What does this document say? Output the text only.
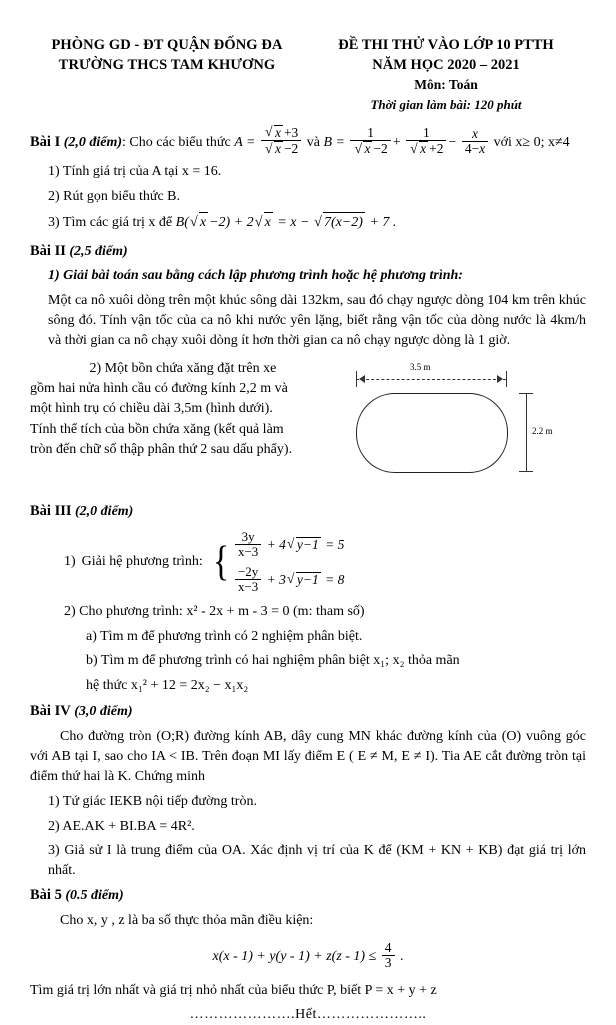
PHÒNG GD - ĐT QUẬN ĐỐNG ĐA
TRƯỜNG THCS TAM KHƯƠNG
ĐỀ THI THỬ VÀO LỚP 10 PTTH
NĂM HỌC 2020 – 2021
Môn: Toán
Thời gian làm bài: 120 phút
Bài I (2,0 điểm): Cho các biểu thức $A = \frac{√ x +3}{√ x -2}$ và $B = \frac{1}{√ x -2} + \frac{1}{√ x +2} - \frac{x}{4-x}$ với x≥ 0; x≠4
1) Tính giá trị của A tại x = 16.
2) Rút gọn biểu thức B.
3) Tìm các giá trị x để B( √ x −2) + 2 √ x = x − √ 7(x−2) + 7 .
Bài II (2,5 điểm)
1) Giải bài toán sau bằng cách lập phương trình hoặc hệ phương trình:
Một ca nô xuôi dòng trên một khúc sông dài 132km, sau đó chạy ngược dòng 104 km trên khúc sông đó. Tính vận tốc của ca nô khi nước yên lặng, biết rằng vận tốc của dòng nước là 4km/h và thời gian ca nô chạy xuôi dòng ít hơn thời gian ca nô chạy ngược dòng là 1 giờ.
2) Một bồn chứa xăng đặt trên xe gồm hai nửa hình cầu có đường kính 2,2 m và một hình trụ có chiều dài 3,5m (hình dưới). Tính thể tích của bồn chứa xăng (kết quả làm tròn đến chữ số thập phân thứ 2 sau dấu phẩy).
3.5 m
2.2 m
Bài III (2,0 điểm)
1) Giải hệ phương trình: { $\frac{3y}{x-3} + 4$ √ y−1 = 5
$\frac{-2y}{x-3} + 3$ √ y−1 = 8
2) Cho phương trình: x² - 2x + m - 3 = 0 (m: tham số)
a) Tìm m để phương trình có 2 nghiệm phân biệt.
b) Tìm m để phương trình có hai nghiệm phân biệt x₁; x₂ thỏa mãn
hệ thức x₁² + 12 = 2x₂ − x₁x₂
Bài IV (3,0 điểm)
Cho đường tròn (O;R) đường kính AB, dây cung MN khác đường kính của (O) vuông góc với AB tại I, sao cho IA < IB. Trên đoạn MI lấy điểm E ( E ≠ M, E ≠ I). Tia AE cắt đường tròn tại điểm thứ hai là K. Chứng minh
1) Tứ giác IEKB nội tiếp đường tròn.
2) AE.AK + BI.BA = 4R².
3) Giả sử I là trung điểm của OA. Xác định vị trí của K để (KM + KN + KB) đạt giá trị lớn nhất.
Bài 5 (0.5 điểm)
Cho x, y , z là ba số thực thỏa mãn điều kiện:
$x(x - 1) + y(y - 1) + z(z - 1) \le \frac{4}{3}$ .
Tìm giá trị lớn nhất và giá trị nhỏ nhất của biểu thức P, biết P = x + y + z
………………….Hết…………………..
